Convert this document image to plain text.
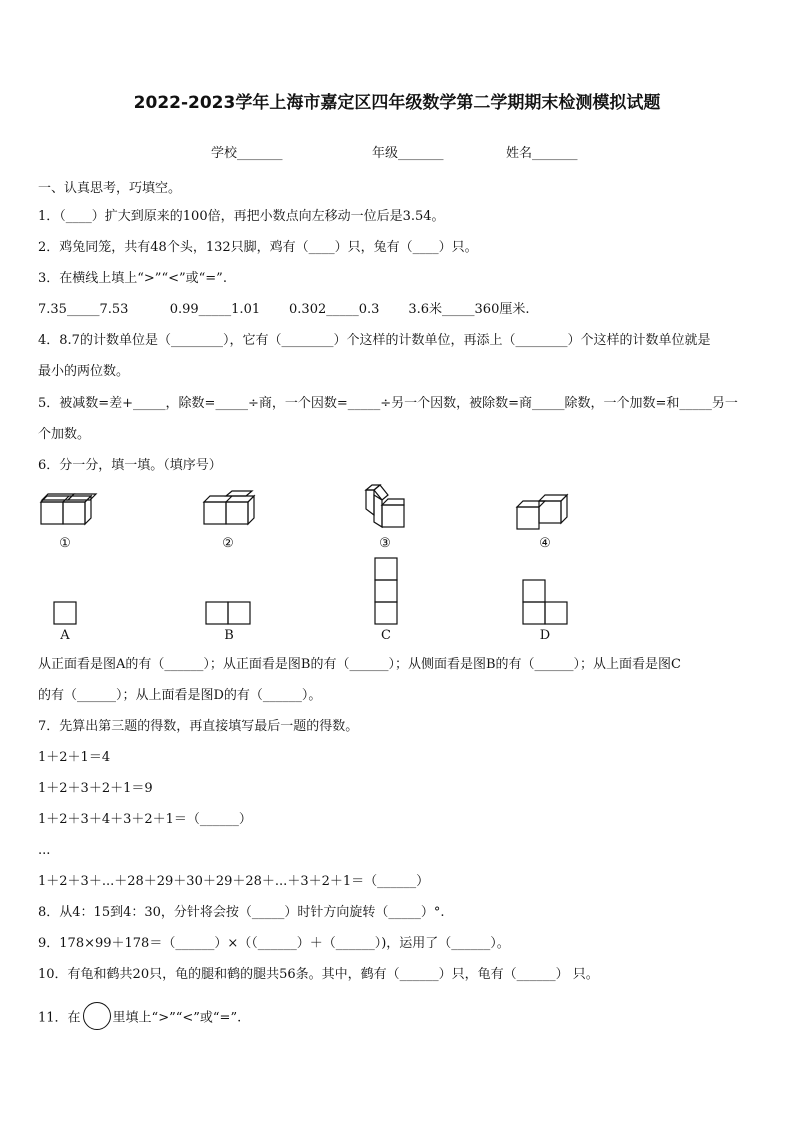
2022-2023学年上海市嘉定区四年级数学第二学期期末检测模拟试题
学校_______	年级_______	姓名_______
一、认真思考，巧填空。
1．（____）扩大到原来的100倍，再把小数点向左移动一位后是3.54。
2．鸡兔同笼，共有48个头，132只脚，鸡有（____）只，兔有（____）只。
3．在横线上填上“>”“<”或“=”.
7.35_____7.53          0.99_____1.01       0.302_____0.3       3.6米_____360厘米.
4．8.7的计数单位是（________），它有（________）个这样的计数单位，再添上（________）个这样的计数单位就是
最小的两位数。
5．被减数=差+_____，除数=_____÷商，一个因数=_____÷另一个因数，被除数=商_____除数，一个加数=和_____另一
个加数。
6．分一分，填一填。（填序号）
①	②	③	④
A	B	C	D
从正面看是图A的有（______）；从正面看是图B的有（______）；从侧面看是图B的有（______）；从上面看是图C
的有（______）；从上面看是图D的有（______）。
7．先算出第三题的得数，再直接填写最后一题的得数。
1＋2＋1＝4
1＋2＋3＋2＋1＝9
1＋2＋3＋4＋3＋2＋1＝（______）
...
1＋2＋3＋...＋28＋29＋30＋29＋28＋...＋3＋2＋1＝（______）
8．从4：15到4：30，分针将会按（_____）时针方向旋转（_____）°.
9．178×99＋178＝（______）×（（______）＋（______）)，运用了（______）。
10．有龟和鹤共20只，龟的腿和鹤的腿共56条。其中，鹤有（______）只，龟有（______） 只。
11．在 里填上“>”“<”或“=”.
